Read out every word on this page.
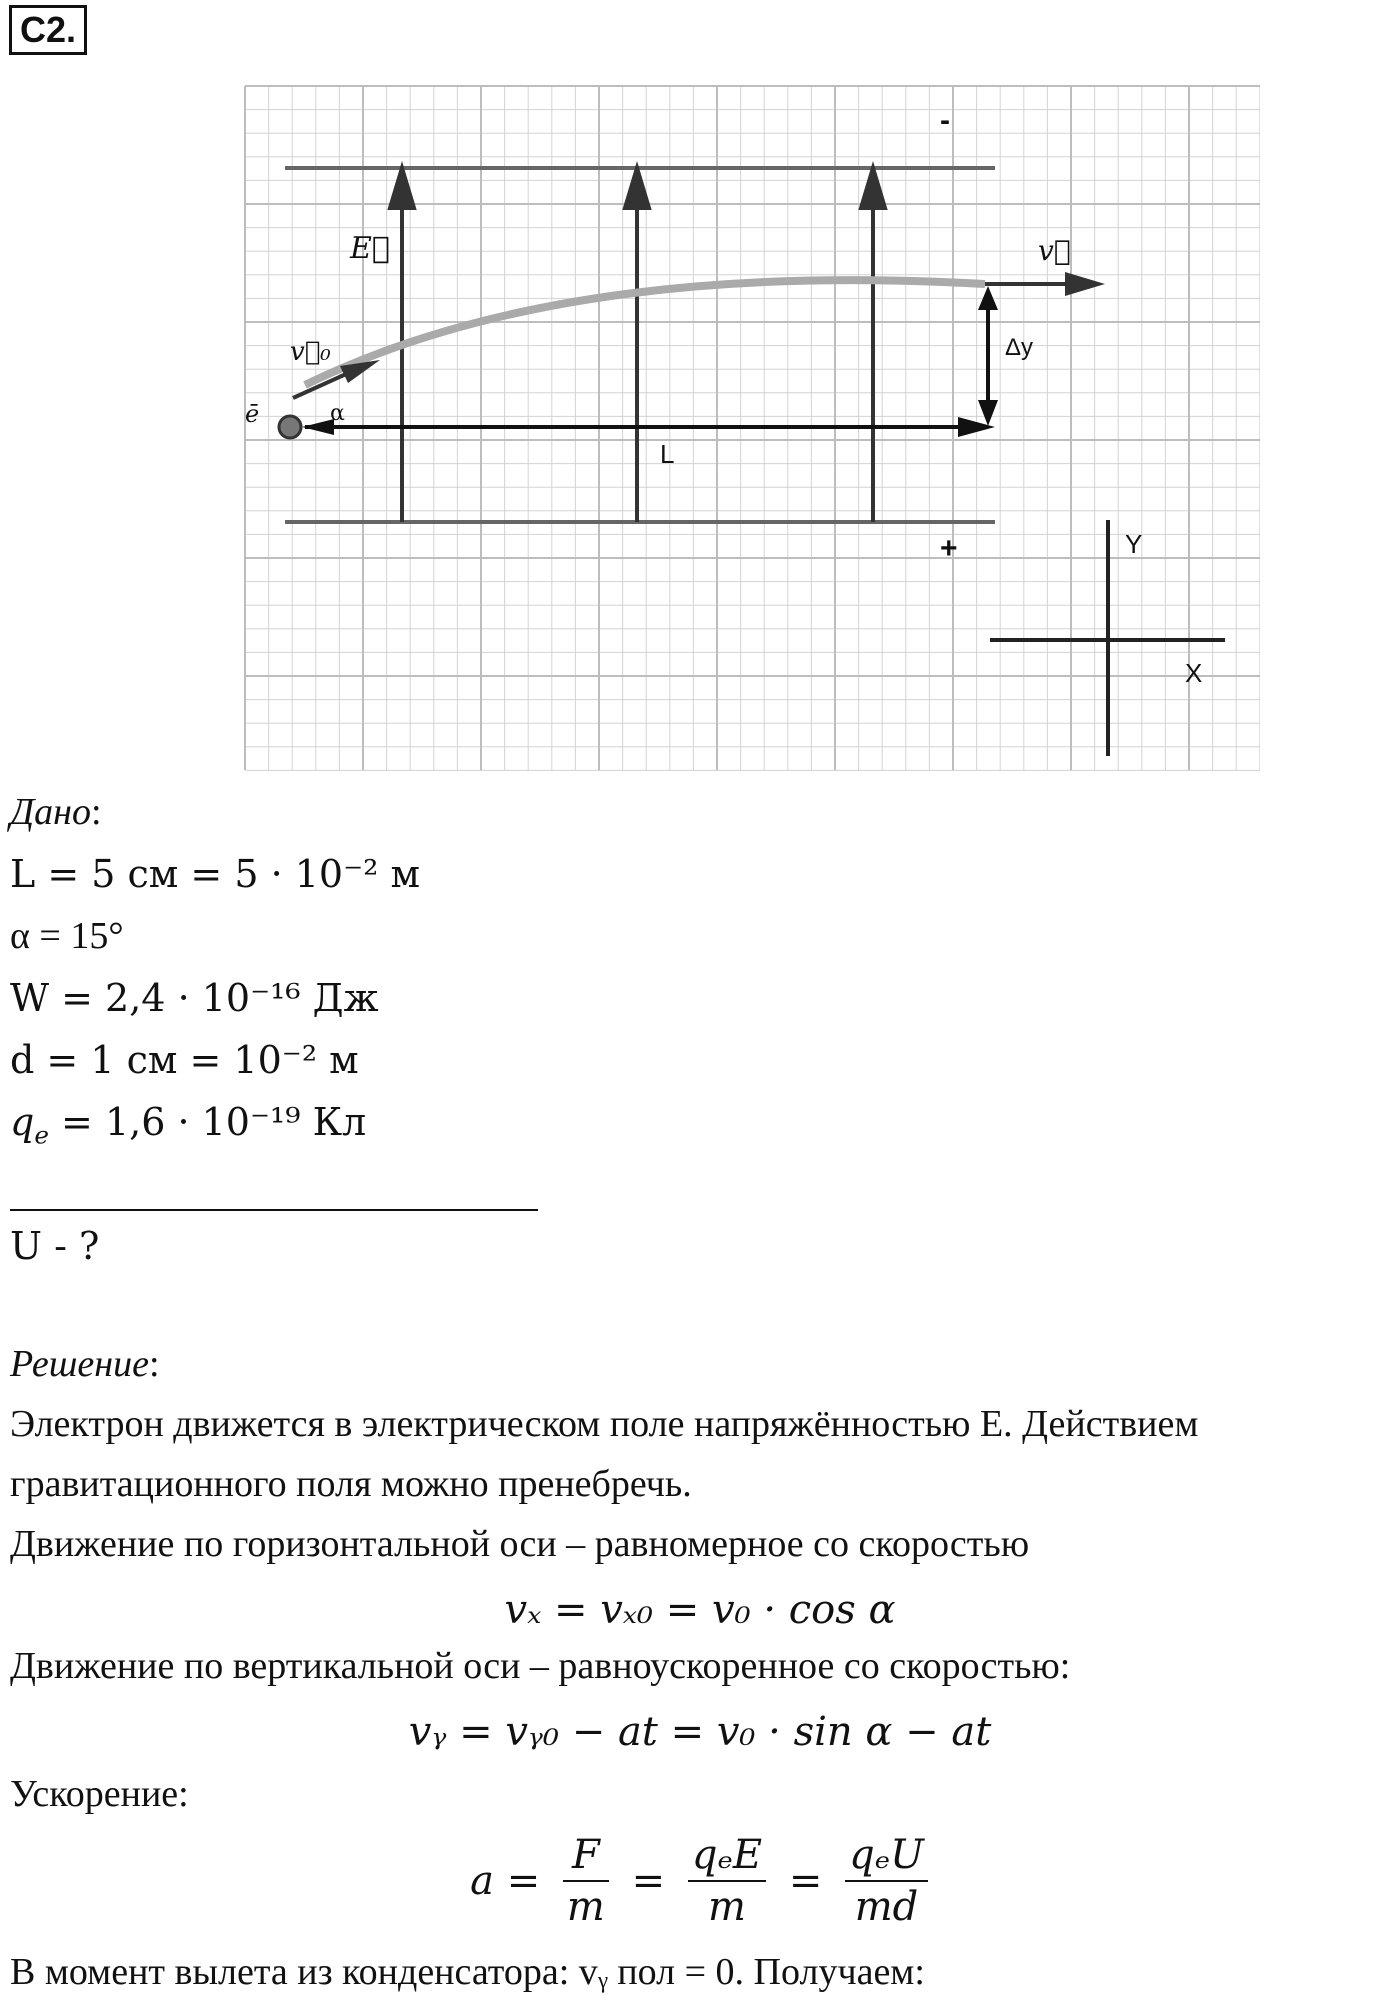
C2.
-
+
Δy
L
Y
X
E⃗	v⃗
v⃗₀
ē	α
Дано:
L = 5 см = 5 · 10⁻² м
α = 15°
W = 2,4 · 10⁻¹⁶ Дж
d = 1 см = 10⁻² м
$q_e = 1,6 \cdot 10^{-19}$ Кл
U - ?
Решение:
Электрон движется в электрическом поле напряжённостью E. Действием
гравитационного поля можно пренебречь.
Движение по горизонтальной оси – равномерное со скоростью
vₓ = vₓ₀ = v₀ · cos α
Движение по вертикальной оси – равноускоренное со скоростью:
vᵧ = vᵧ₀ − at = v₀ · sin α − at
Ускорение:
$a = \frac{F}{m} = \frac{\text{qₑE}}{m} = \frac{\text{qₑU}}{md}$
В момент вылета из конденсатора: vᵧ пол = 0. Получаем:
